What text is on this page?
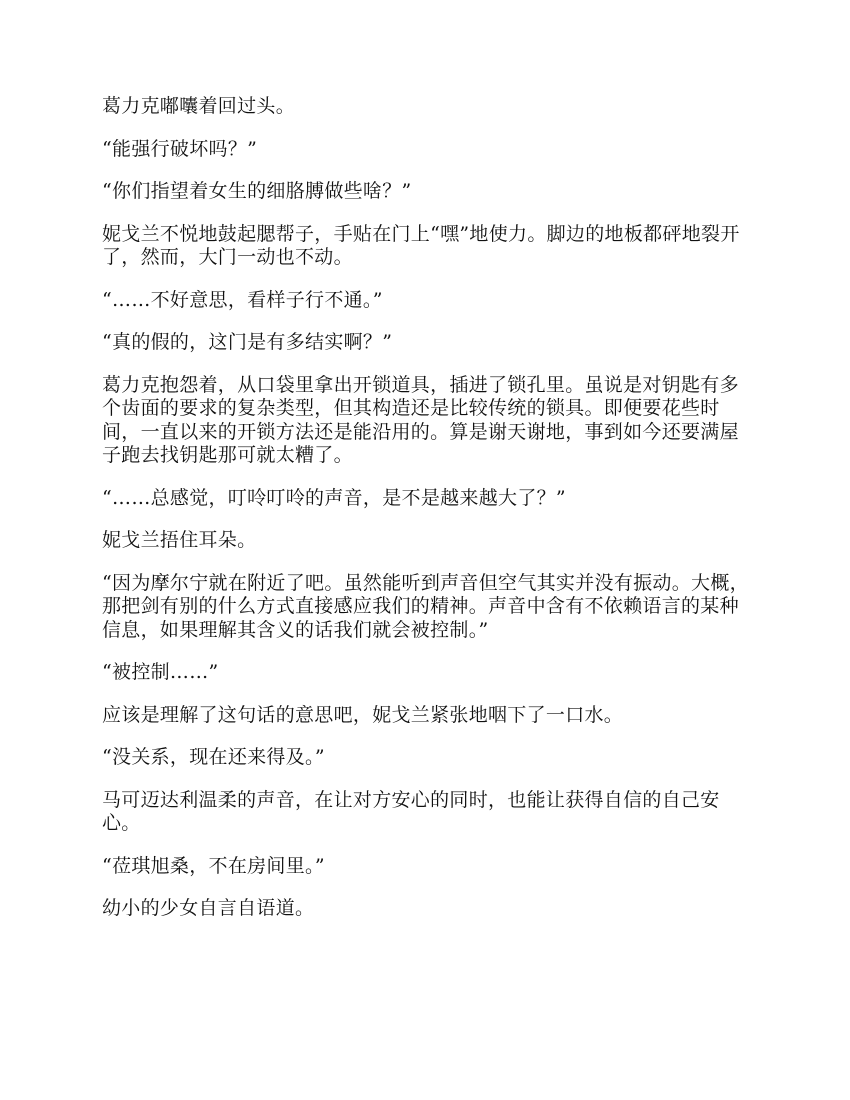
葛力克嘟囔着回过头。

“能强行破坏吗？”

“你们指望着女生的细胳膊做些啥？”

妮戈兰不悦地鼓起腮帮子，手贴在门上“嘿”地使力。脚边的地板都砰地裂开了，然而，大门一动也不动。

“……不好意思，看样子行不通。”

“真的假的，这门是有多结实啊？”

葛力克抱怨着，从口袋里拿出开锁道具，插进了锁孔里。虽说是对钥匙有多个齿面的要求的复杂类型，但其构造还是比较传统的锁具。即便要花些时间，一直以来的开锁方法还是能沿用的。算是谢天谢地，事到如今还要满屋子跑去找钥匙那可就太糟了。

“……总感觉，叮呤叮呤的声音，是不是越来越大了？”

妮戈兰捂住耳朵。

“因为摩尔宁就在附近了吧。虽然能听到声音但空气其实并没有振动。大概，那把剑有别的什么方式直接感应我们的精神。声音中含有不依赖语言的某种信息，如果理解其含义的话我们就会被控制。”

“被控制……”

应该是理解了这句话的意思吧，妮戈兰紧张地咽下了一口水。

“没关系，现在还来得及。”

马可迈达利温柔的声音，在让对方安心的同时，也能让获得自信的自己安心。

“莅琪旭桑，不在房间里。”

幼小的少女自言自语道。
